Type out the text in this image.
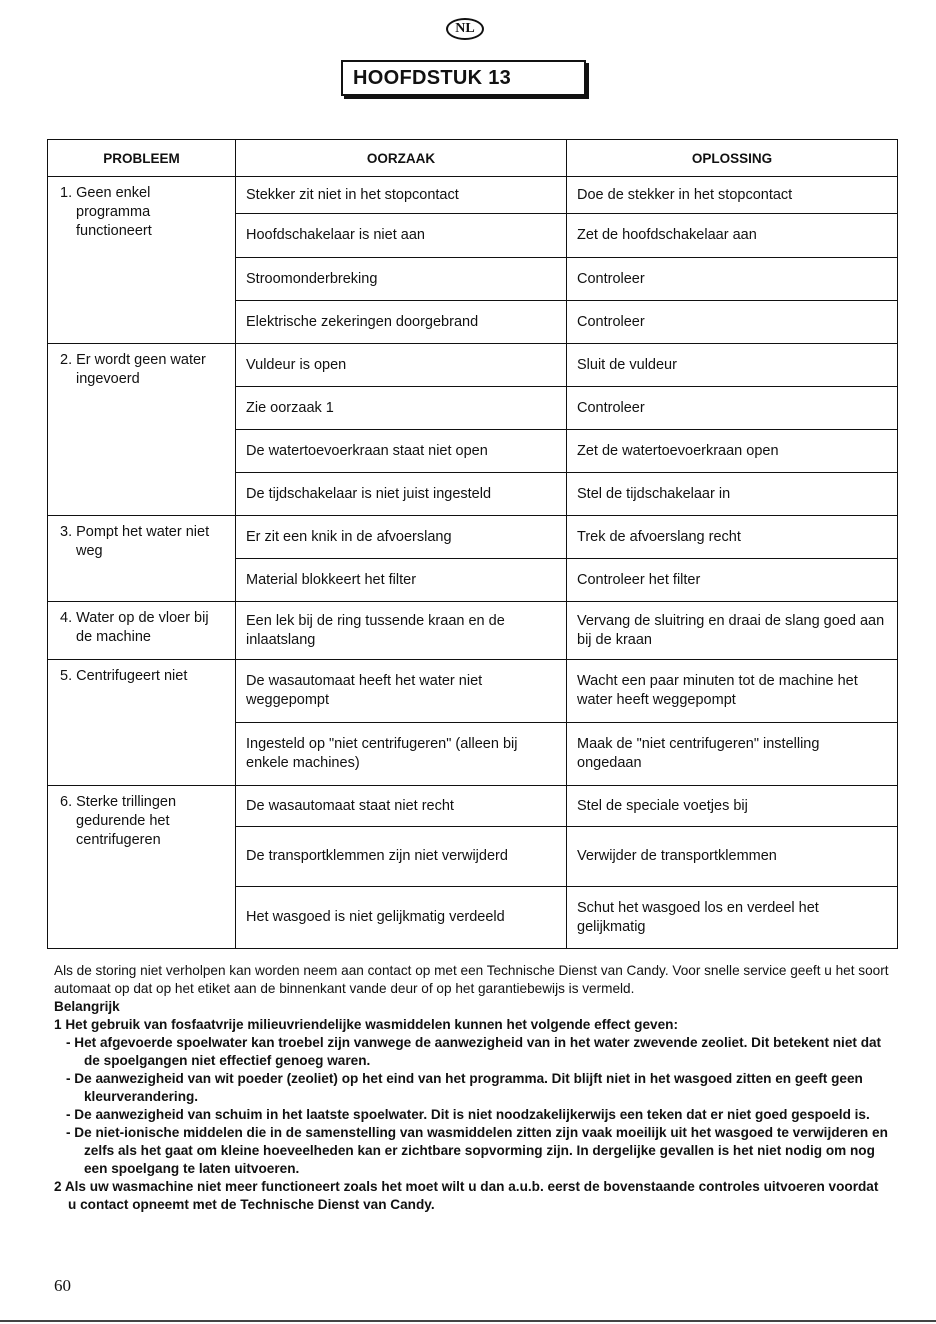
NL
HOOFDSTUK 13
PROBLEEM	OORZAAK	OPLOSSING

1. Geen enkel programma functioneert	Stekker zit niet in het stopcontact	Doe de stekker in het stopcontact
	Hoofdschakelaar is niet aan	Zet de hoofdschakelaar aan
	Stroomonderbreking	Controleer
	Elektrische zekeringen doorgebrand	Controleer

2. Er wordt geen water ingevoerd	Vuldeur is open	Sluit de vuldeur
	Zie oorzaak 1	Controleer
	De watertoevoerkraan staat niet open	Zet de watertoevoerkraan open
	De tijdschakelaar is niet juist ingesteld	Stel de tijdschakelaar in

3. Pompt het water niet weg	Er zit een knik in de afvoerslang	Trek de afvoerslang recht
	Material blokkeert het filter	Controleer het filter

4. Water op de vloer bij de machine	Een lek bij de ring tussende kraan en de inlaatslang	Vervang de sluitring en draai de slang goed aan bij de kraan

5. Centrifugeert niet	De wasautomaat heeft het water niet weggepompt	Wacht een paar minuten tot de machine het water heeft weggepompt
	Ingesteld op "niet centrifugeren" (alleen bij enkele machines)	Maak de "niet centrifugeren" instelling ongedaan

6. Sterke trillingen gedurende het centrifugeren	De wasautomaat staat niet recht	Stel de speciale voetjes bij
	De transportklemmen zijn niet verwijderd	Verwijder de transportklemmen
	Het wasgoed is niet gelijkmatig verdeeld	Schut het wasgoed los en verdeel het gelijkmatig

Als de storing niet verholpen kan worden neem aan contact op met een Technische Dienst van Candy. Voor snelle service geeft u het soort automaat op dat op het etiket aan de binnenkant vande deur of op het garantiebewijs is vermeld.

Belangrijk

1 Het gebruik van fosfaatvrije milieuvriendelijke wasmiddelen kunnen het volgende effect geven:

- Het afgevoerde spoelwater kan troebel zijn vanwege de aanwezigheid van in het water zwevende zeoliet. Dit betekent niet dat de spoelgangen niet effectief genoeg waren.

- De aanwezigheid van wit poeder (zeoliet) op het eind van het programma. Dit blijft niet in het wasgoed zitten en geeft geen kleurverandering.

- De aanwezigheid van schuim in het laatste spoelwater. Dit is niet noodzakelijkerwijs een teken dat er niet goed gespoeld is.

- De niet-ionische middelen die in de samenstelling van wasmiddelen zitten zijn vaak moeilijk uit het wasgoed te verwijderen en zelfs als het gaat om kleine hoeveelheden kan er zichtbare sopvorming zijn. In dergelijke gevallen is het niet nodig om nog een spoelgang te laten uitvoeren.

2 Als uw wasmachine niet meer functioneert zoals het moet wilt u dan a.u.b. eerst de bovenstaande controles uitvoeren voordat u contact opneemt met de Technische Dienst van Candy.

60
